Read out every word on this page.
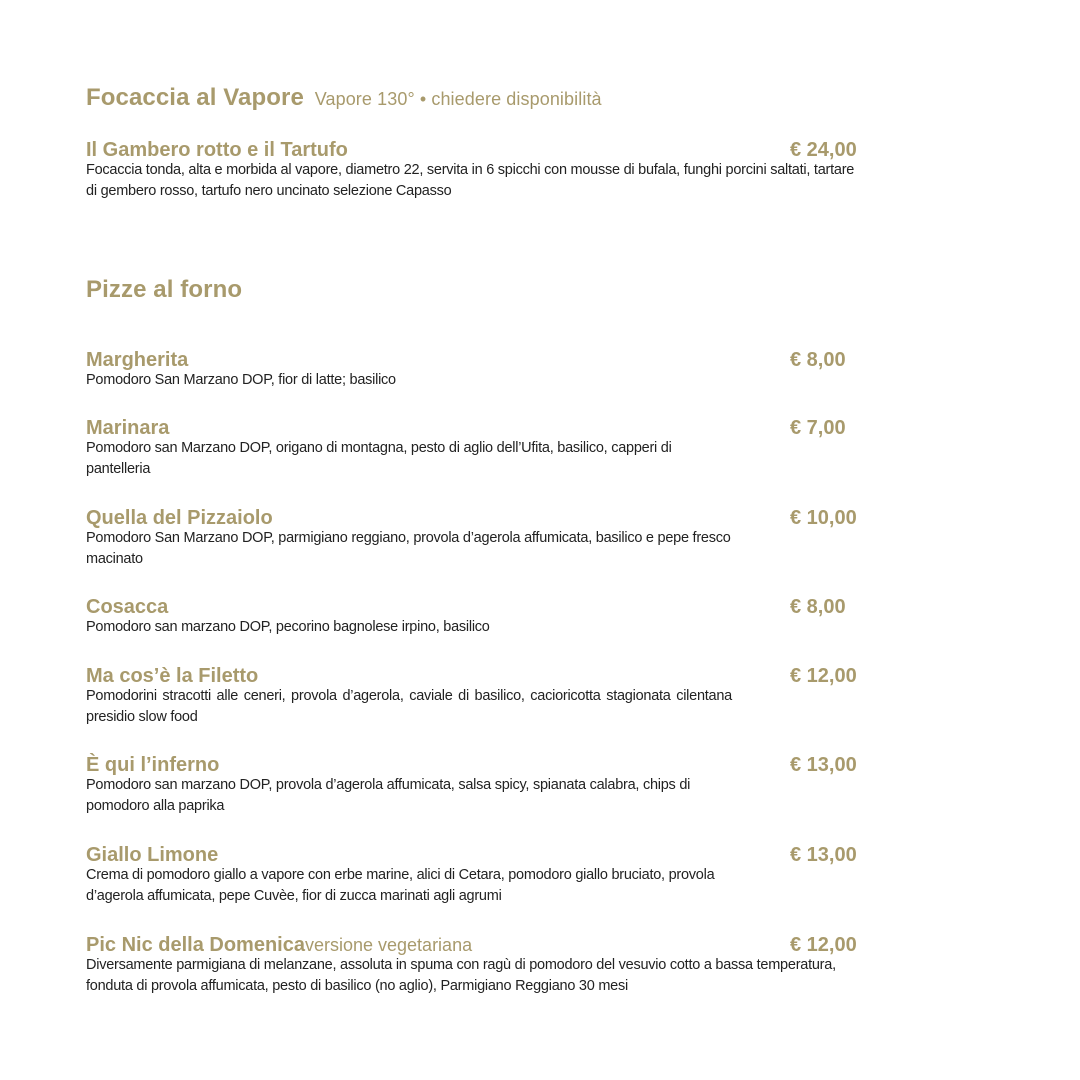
Focaccia al Vapore Vapore 130° • chiedere disponibilità
Il Gambero rotto e il Tartufo	€ 24,00
Focaccia tonda, alta e morbida al vapore, diametro 22, servita in 6 spicchi con mousse di bufala, funghi porcini saltati, tartare di gembero rosso, tartufo nero uncinato selezione Capasso
Pizze al forno
Margherita	€ 8,00
Pomodoro San Marzano DOP, fior di latte; basilico
Marinara	€ 7,00
Pomodoro san Marzano DOP, origano di montagna, pesto di aglio dell’Ufita, basilico, capperi di pantelleria
Quella del Pizzaiolo	€ 10,00
Pomodoro San Marzano DOP, parmigiano reggiano, provola d’agerola affumicata, basilico e pepe fresco macinato
Cosacca	€ 8,00
Pomodoro san marzano DOP, pecorino bagnolese irpino, basilico
Ma cos’è la Filetto	€ 12,00
Pomodorini stracotti alle ceneri, provola d’agerola, caviale di basilico, cacioricotta stagionata cilentana presidio slow food
È qui l’inferno	€ 13,00
Pomodoro san marzano DOP, provola d’agerola affumicata, salsa spicy, spianata calabra, chips di pomodoro alla paprika
Giallo Limone	€ 13,00
Crema di pomodoro giallo a vapore con erbe marine, alici di Cetara, pomodoro giallo bruciato, provola d’agerola affumicata, pepe Cuvèe, fior di zucca marinati agli agrumi
Pic Nic della Domenicaversione vegetariana	€ 12,00
Diversamente parmigiana di melanzane, assoluta in spuma con ragù di pomodoro del vesuvio cotto a bassa temperatura, fonduta di provola affumicata, pesto di basilico (no aglio), Parmigiano Reggiano 30 mesi
